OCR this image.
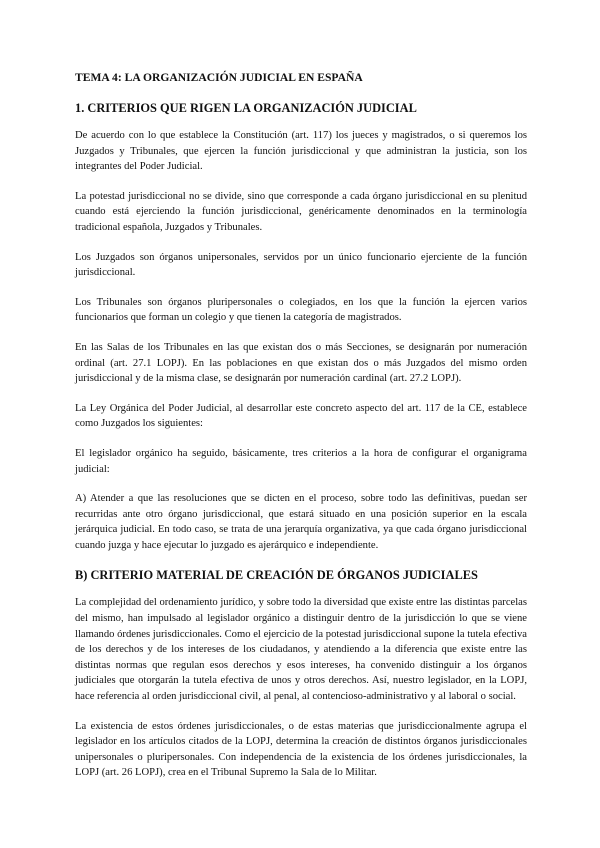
TEMA 4: LA ORGANIZACIÓN JUDICIAL EN ESPAÑA
1. CRITERIOS QUE RIGEN LA ORGANIZACIÓN JUDICIAL

De acuerdo con lo que establece la Constitución (art. 117) los jueces y magistrados, o si queremos los Juzgados y Tribunales, que ejercen la función jurisdiccional y que administran la justicia, son los integrantes del Poder Judicial.

La potestad jurisdiccional no se divide, sino que corresponde a cada órgano jurisdiccional en su plenitud cuando está ejerciendo la función jurisdiccional, genéricamente denominados en la terminología tradicional española, Juzgados y Tribunales.

Los Juzgados son órganos unipersonales, servidos por un único funcionario ejerciente de la función jurisdiccional.

Los Tribunales son órganos pluripersonales o colegiados, en los que la función la ejercen varios funcionarios que forman un colegio y que tienen la categoría de magistrados.

En las Salas de los Tribunales en las que existan dos o más Secciones, se designarán por numeración ordinal (art. 27.1 LOPJ). En las poblaciones en que existan dos o más Juzgados del mismo orden jurisdiccional y de la misma clase, se designarán por numeración cardinal (art. 27.2 LOPJ).

La Ley Orgánica del Poder Judicial, al desarrollar este concreto aspecto del art. 117 de la CE, establece como Juzgados los siguientes:

El legislador orgánico ha seguido, básicamente, tres criterios a la hora de configurar el organigrama judicial:

A) Atender a que las resoluciones que se dicten en el proceso, sobre todo las definitivas, puedan ser recurridas ante otro órgano jurisdiccional, que estará situado en una posición superior en la escala jerárquica judicial. En todo caso, se trata de una jerarquía organizativa, ya que cada órgano jurisdiccional cuando juzga y hace ejecutar lo juzgado es ajerárquico e independiente.

B) CRITERIO MATERIAL DE CREACIÓN DE ÓRGANOS JUDICIALES

La complejidad del ordenamiento jurídico, y sobre todo la diversidad que existe entre las distintas parcelas del mismo, han impulsado al legislador orgánico a distinguir dentro de la jurisdicción lo que se viene llamando órdenes jurisdiccionales. Como el ejercicio de la potestad jurisdiccional supone la tutela efectiva de los derechos y de los intereses de los ciudadanos, y atendiendo a la diferencia que existe entre las distintas normas que regulan esos derechos y esos intereses, ha convenido distinguir a los órganos judiciales que otorgarán la tutela efectiva de unos y otros derechos. Así, nuestro legislador, en la LOPJ, hace referencia al orden jurisdiccional civil, al penal, al contencioso-administrativo y al laboral o social.

La existencia de estos órdenes jurisdiccionales, o de estas materias que jurisdiccionalmente agrupa el legislador en los artículos citados de la LOPJ, determina la creación de distintos órganos jurisdiccionales unipersonales o pluripersonales. Con independencia de la existencia de los órdenes jurisdiccionales, la LOPJ (art. 26 LOPJ), crea en el Tribunal Supremo la Sala de lo Militar.
